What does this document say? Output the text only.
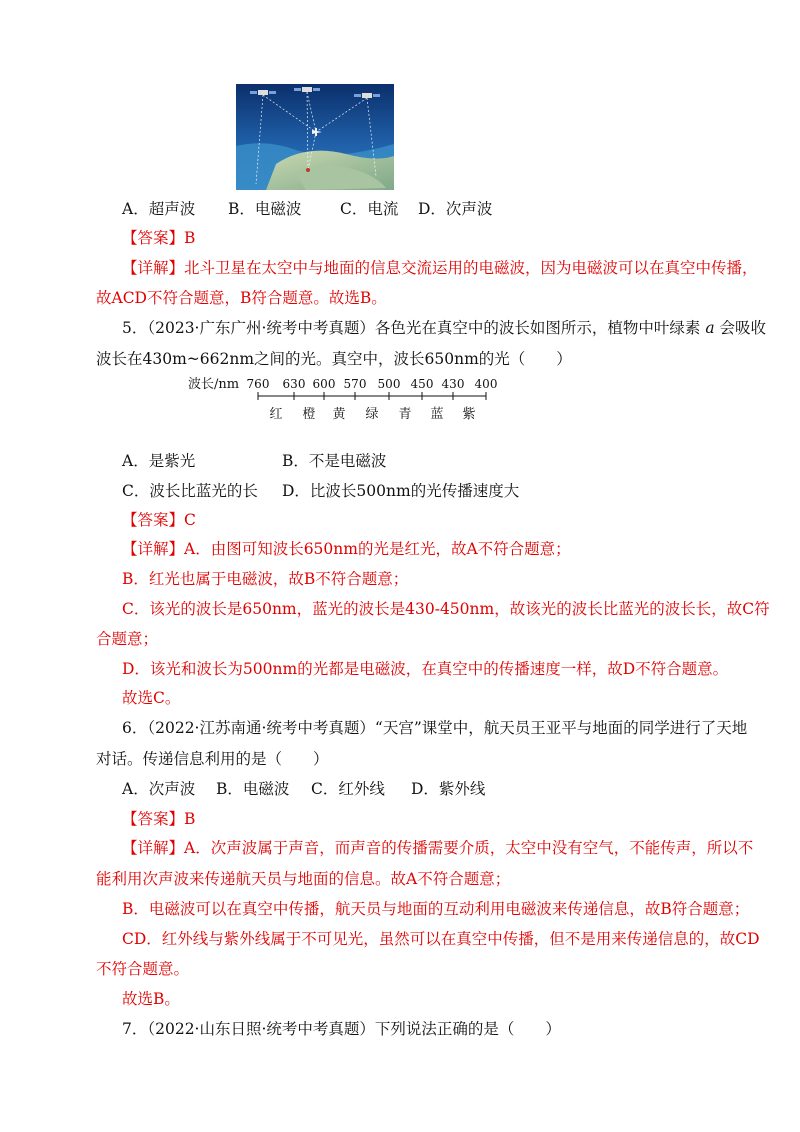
A．超声波 B．电磁波 C．电流 D．次声波
【答案】B
【详解】北斗卫星在太空中与地面的信息交流运用的电磁波，因为电磁波可以在真空中传播，
故ACD不符合题意，B符合题意。故选B。
5．（2023·广东广州·统考中考真题）各色光在真空中的波长如图所示，植物中叶绿素 a 会吸收
波长在430m~662nm之间的光。真空中，波长650nm的光（　　）
波长/nm 760 630 600 570 500 450 430 400
红 橙 黄 绿 青 蓝 紫
A．是紫光	B．不是电磁波
C．波长比蓝光的长 D．比波长500nm的光传播速度大
【答案】C
【详解】A．由图可知波长650nm的光是红光，故A不符合题意；
B．红光也属于电磁波，故B不符合题意；
C．该光的波长是650nm，蓝光的波长是430-450nm，故该光的波长比蓝光的波长长，故C符
合题意；
D．该光和波长为500nm的光都是电磁波，在真空中的传播速度一样，故D不符合题意。
故选C。
6．（2022·江苏南通·统考中考真题）“天宫”课堂中，航天员王亚平与地面的同学进行了天地
对话。传递信息利用的是（　　）
A．次声波 B．电磁波 C．红外线 D．紫外线
【答案】B
【详解】A．次声波属于声音，而声音的传播需要介质，太空中没有空气，不能传声，所以不
能利用次声波来传递航天员与地面的信息。故A不符合题意；
B．电磁波可以在真空中传播，航天员与地面的互动利用电磁波来传递信息，故B符合题意；
CD．红外线与紫外线属于不可见光，虽然可以在真空中传播，但不是用来传递信息的，故CD
不符合题意。
故选B。
7．（2022·山东日照·统考中考真题）下列说法正确的是（　　）
